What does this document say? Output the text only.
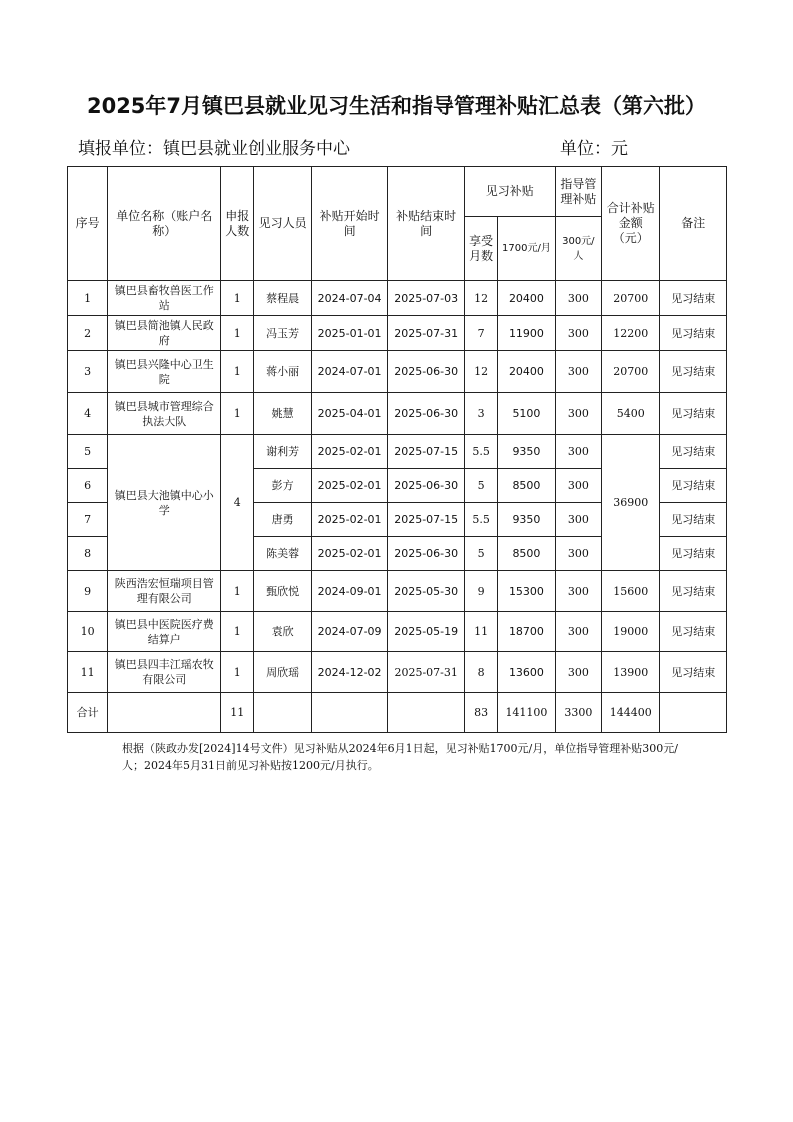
2025年7月镇巴县就业见习生活和指导管理补贴汇总表（第六批）
填报单位：镇巴县就业创业服务中心	单位：元
序号	单位名称（账户名称）	申报人数	见习人员	补贴开始时间	补贴结束时间	见习补贴		指导管理补贴	合计补贴金额（元）	备注
						享受月数	1700元/月	300元/人		
1	镇巴县畜牧兽医工作站	1	蔡程晨	2024-07-04	2025-07-03	12	20400	300	20700	见习结束
2	镇巴县简池镇人民政府	1	冯玉芳	2025-01-01	2025-07-31	7	11900	300	12200	见习结束
3	镇巴县兴隆中心卫生院	1	蒋小丽	2024-07-01	2025-06-30	12	20400	300	20700	见习结束
4	镇巴县城市管理综合执法大队	1	姚慧	2025-04-01	2025-06-30	3	5100	300	5400	见习结束
5	镇巴县大池镇中心小学	4	谢利芳	2025-02-01	2025-07-15	5.5	9350	300	36900	见习结束
6			彭方	2025-02-01	2025-06-30	5	8500	300		见习结束
7			唐勇	2025-02-01	2025-07-15	5.5	9350	300		见习结束
8			陈美蓉	2025-02-01	2025-06-30	5	8500	300		见习结束
9	陕西浩宏恒瑞项目管理有限公司	1	甄欣悦	2024-09-01	2025-05-30	9	15300	300	15600	见习结束
10	镇巴县中医院医疗费结算户	1	袁欣	2024-07-09	2025-05-19	11	18700	300	19000	见习结束
11	镇巴县四丰江瑶农牧有限公司	1	周欣瑶	2024-12-02	2025-07-31	8	13600	300	13900	见习结束
合计		11				83	141100	3300	144400	
根据（陕政办发[2024]14号文件）见习补贴从2024年6月1日起，见习补贴1700元/月，单位指导管理补贴300元/人；2024年5月31日前见习补贴按1200元/月执行。
